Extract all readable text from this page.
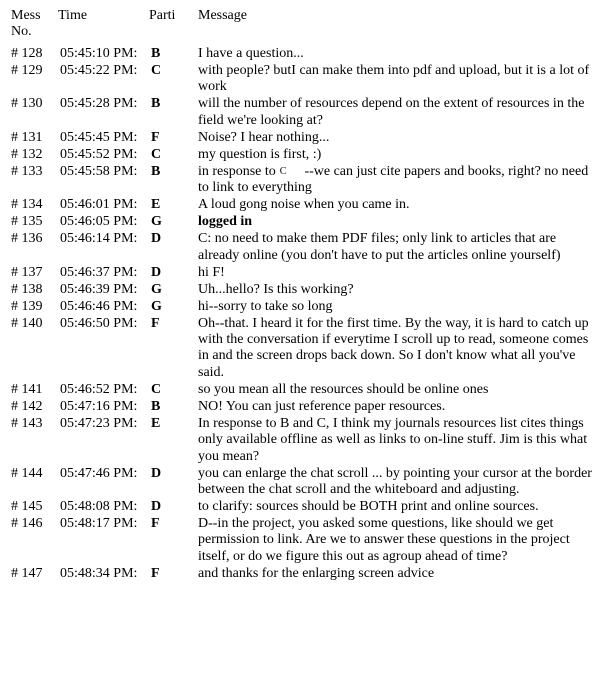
Mess No.
Time	Parti	Message
# 128	05:45:10 PM: B	I have a question...
# 129	05:45:22 PM: C	with people? butI can make them into pdf and upload, but it is a lot of work
# 130	05:45:28 PM: B	will the number of resources depend on the extent of resources in the field we're looking at?
# 131	05:45:45 PM: F	Noise? I hear nothing...
# 132	05:45:52 PM: C	my question is first, :)
# 133	05:45:58 PM: B	in response to C --we can just cite papers and books, right? no need to link to everything
# 134	05:46:01 PM: E	A loud gong noise when you came in.
# 135	05:46:05 PM: G	logged in
# 136	05:46:14 PM: D	C: no need to make them PDF files; only link to articles that are already online (you don't have to put the articles online yourself)
# 137	05:46:37 PM: D	hi F!
# 138	05:46:39 PM: G	Uh...hello? Is this working?
# 139	05:46:46 PM: G	hi--sorry to take so long
# 140	05:46:50 PM: F	Oh--that. I heard it for the first time. By the way, it is hard to catch up with the conversation if everytime I scroll up to read, someone comes in and the screen drops back down. So I don't know what all you've said.
# 141	05:46:52 PM: C	so you mean all the resources should be online ones
# 142	05:47:16 PM: B	NO! You can just reference paper resources.
# 143	05:47:23 PM: E	In response to B and C, I think my journals resources list cites things only available offline as well as links to on-line stuff. Jim is this what you mean?
# 144	05:47:46 PM: D	you can enlarge the chat scroll ... by pointing your cursor at the border between the chat scroll and the whiteboard and adjusting.
# 145	05:48:08 PM: D	to clarify: sources should be BOTH print and online sources.
# 146	05:48:17 PM: F	D--in the project, you asked some questions, like should we get permission to link. Are we to answer these questions in the project itself, or do we figure this out as agroup ahead of time?
# 147	05:48:34 PM: F	and thanks for the enlarging screen advice
